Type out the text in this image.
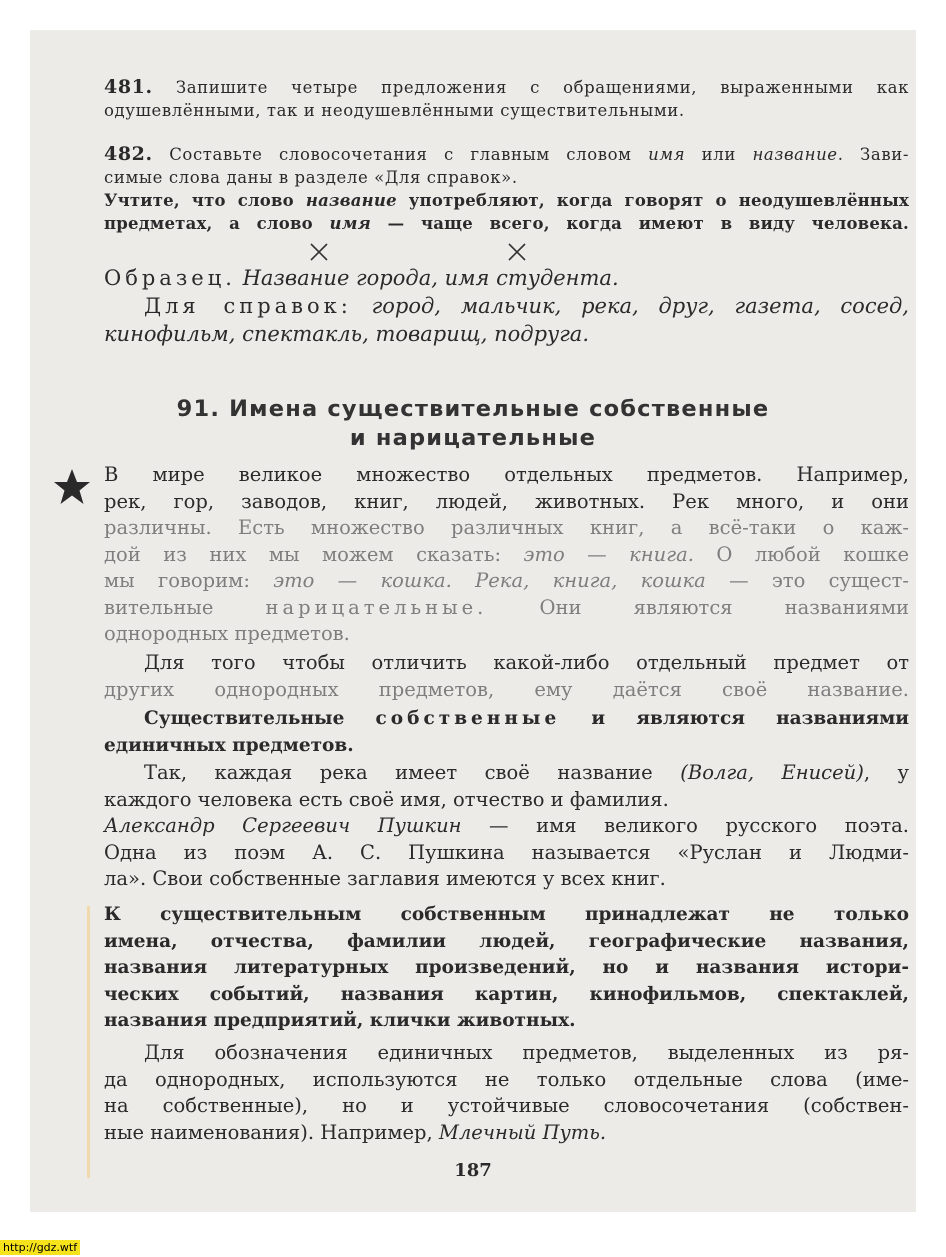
481. Запишите четыре предложения с обращениями, выраженными как
одушевлёнными, так и неодушевлёнными существительными.
482. Составьте словосочетания с главным словом имя или название. Зави-
симые слова даны в разделе «Для справок».
Учтите, что слово название употребляют, когда говорят о неодушевлённых
предметах, а слово имя — чаще всего, когда имеют в виду человека.
Образец. Название города, имя студента.
Для справок: город, мальчик, река, друг, газета, сосед,
кинофильм, спектакль, товарищ, подруга.
91. Имена существительные собственные
и нарицательные
В мире великое множество отдельных предметов. Например,
рек, гор, заводов, книг, людей, животных. Рек много, и они
различны. Есть множество различных книг, а всё-таки о каж-
дой из них мы можем сказать: это — книга. О любой кошке
мы говорим: это — кошка. Река, книга, кошка — это сущест-
вительные нарицательные. Они являются названиями
однородных предметов.
Для того чтобы отличить какой-либо отдельный предмет от
других однородных предметов, ему даётся своё название.
Существительные собственные и являются названиями
единичных предметов.
Так, каждая река имеет своё название (Волга, Енисей), у
каждого человека есть своё имя, отчество и фамилия.
Александр Сергеевич Пушкин — имя великого русского поэта.
Одна из поэм А. С. Пушкина называется «Руслан и Людми-
ла». Свои собственные заглавия имеются у всех книг.
К существительным собственным принадлежат не только
имена, отчества, фамилии людей, географические названия,
названия литературных произведений, но и названия истори-
ческих событий, названия картин, кинофильмов, спектаклей,
названия предприятий, клички животных.
Для обозначения единичных предметов, выделенных из ря-
да однородных, используются не только отдельные слова (име-
на собственные), но и устойчивые словосочетания (собствен-
ные наименования). Например, Млечный Путь.
187
http://gdz.wtf
